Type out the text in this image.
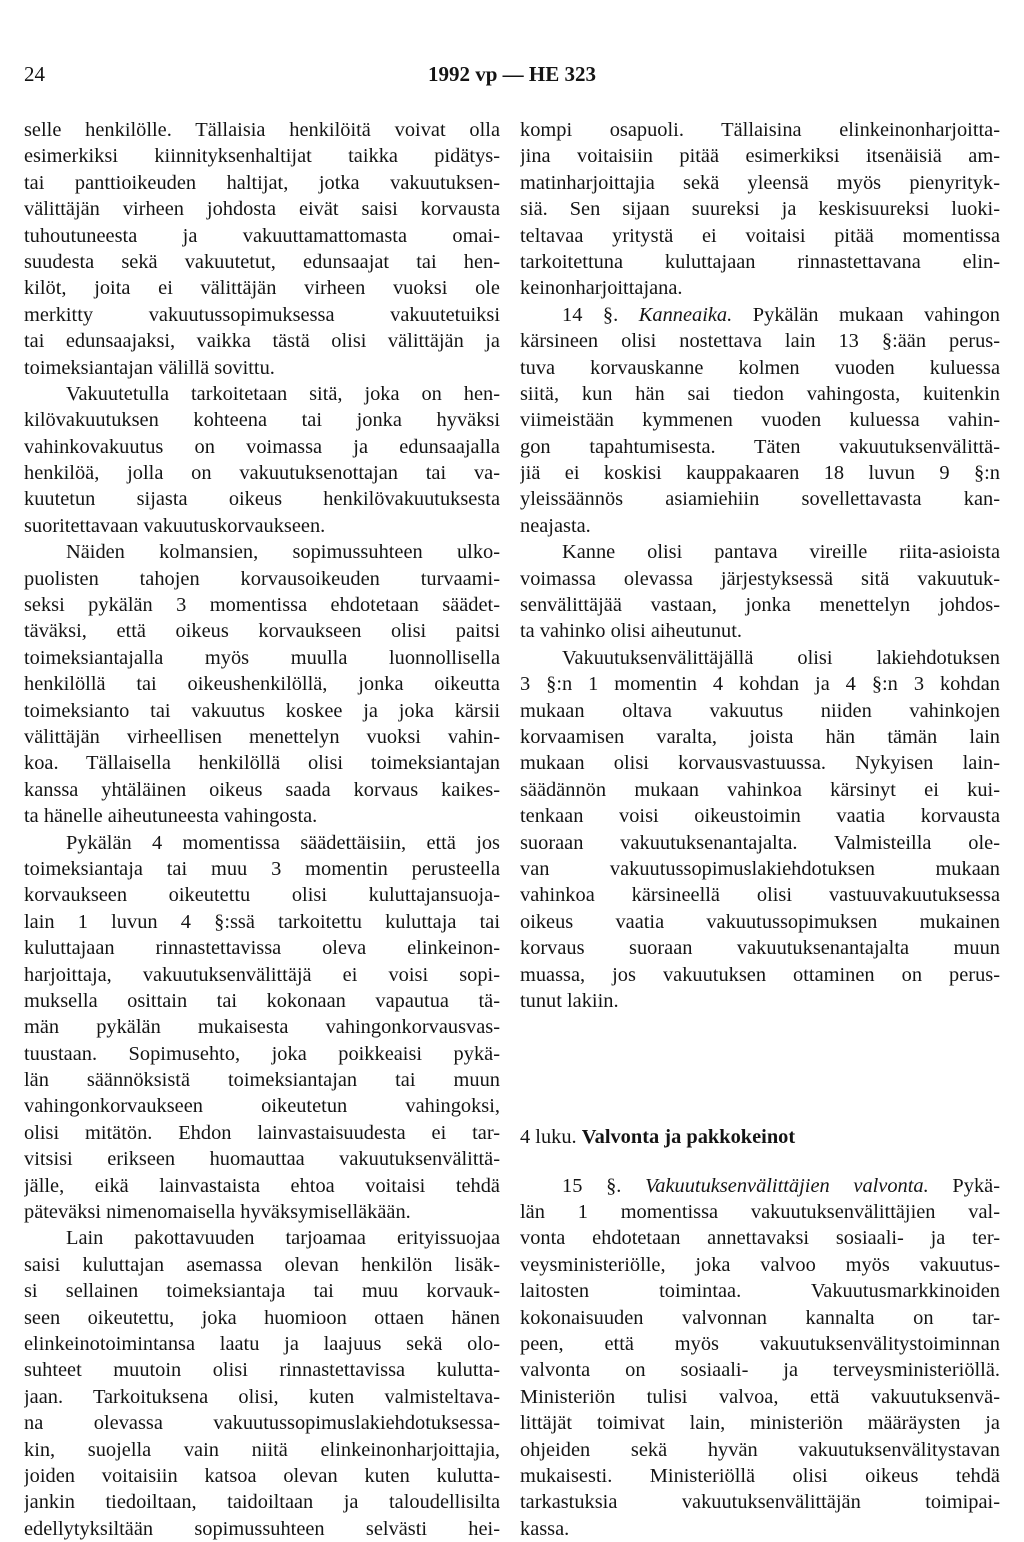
24	1992 vp — HE 323
selle henkilölle. Tällaisia henkilöitä voivat olla
esimerkiksi kiinnityksenhaltijat taikka pidätys-
tai panttioikeuden haltijat, jotka vakuutuksen-
välittäjän virheen johdosta eivät saisi korvausta
tuhoutuneesta ja vakuuttamattomasta omai-
suudesta sekä vakuutetut, edunsaajat tai hen-
kilöt, joita ei välittäjän virheen vuoksi ole
merkitty vakuutussopimuksessa vakuutetuiksi
tai edunsaajaksi, vaikka tästä olisi välittäjän ja
toimeksiantajan välillä sovittu.
Vakuutetulla tarkoitetaan sitä, joka on hen-
kilövakuutuksen kohteena tai jonka hyväksi
vahinkovakuutus on voimassa ja edunsaajalla
henkilöä, jolla on vakuutuksenottajan tai va-
kuutetun sijasta oikeus henkilövakuutuksesta
suoritettavaan vakuutuskorvaukseen.
Näiden kolmansien, sopimussuhteen ulko-
puolisten tahojen korvausoikeuden turvaami-
seksi pykälän 3 momentissa ehdotetaan säädet-
täväksi, että oikeus korvaukseen olisi paitsi
toimeksiantajalla myös muulla luonnollisella
henkilöllä tai oikeushenkilöllä, jonka oikeutta
toimeksianto tai vakuutus koskee ja joka kärsii
välittäjän virheellisen menettelyn vuoksi vahin-
koa. Tällaisella henkilöllä olisi toimeksiantajan
kanssa yhtäläinen oikeus saada korvaus kaikes-
ta hänelle aiheutuneesta vahingosta.
Pykälän 4 momentissa säädettäisiin, että jos
toimeksiantaja tai muu 3 momentin perusteella
korvaukseen oikeutettu olisi kuluttajansuoja-
lain 1 luvun 4 §:ssä tarkoitettu kuluttaja tai
kuluttajaan rinnastettavissa oleva elinkeinon-
harjoittaja, vakuutuksenvälittäjä ei voisi sopi-
muksella osittain tai kokonaan vapautua tä-
män pykälän mukaisesta vahingonkorvausvas-
tuustaan. Sopimusehto, joka poikkeaisi pykä-
län säännöksistä toimeksiantajan tai muun
vahingonkorvaukseen oikeutetun vahingoksi,
olisi mitätön. Ehdon lainvastaisuudesta ei tar-
vitsisi erikseen huomauttaa vakuutuksenvälittä-
jälle, eikä lainvastaista ehtoa voitaisi tehdä
päteväksi nimenomaisella hyväksymiselläkään.
Lain pakottavuuden tarjoamaa erityissuojaa
saisi kuluttajan asemassa olevan henkilön lisäk-
si sellainen toimeksiantaja tai muu korvauk-
seen oikeutettu, joka huomioon ottaen hänen
elinkeinotoimintansa laatu ja laajuus sekä olo-
suhteet muutoin olisi rinnastettavissa kulutta-
jaan. Tarkoituksena olisi, kuten valmisteltava-
na olevassa vakuutussopimuslakiehdotuksessa-
kin, suojella vain niitä elinkeinonharjoittajia,
joiden voitaisiin katsoa olevan kuten kulutta-
jankin tiedoiltaan, taidoiltaan ja taloudellisilta
edellytyksiltään sopimussuhteen selvästi hei-
kompi osapuoli. Tällaisina elinkeinonharjoitta-
jina voitaisiin pitää esimerkiksi itsenäisiä am-
matinharjoittajia sekä yleensä myös pienyrityk-
siä. Sen sijaan suureksi ja keskisuureksi luoki-
teltavaa yritystä ei voitaisi pitää momentissa
tarkoitettuna kuluttajaan rinnastettavana elin-
keinonharjoittajana.
14 §. Kanneaika. Pykälän mukaan vahingon
kärsineen olisi nostettava lain 13 §:ään perus-
tuva korvauskanne kolmen vuoden kuluessa
siitä, kun hän sai tiedon vahingosta, kuitenkin
viimeistään kymmenen vuoden kuluessa vahin-
gon tapahtumisesta. Täten vakuutuksenvälittä-
jiä ei koskisi kauppakaaren 18 luvun 9 §:n
yleissäännös asiamiehiin sovellettavasta kan-
neajasta.
Kanne olisi pantava vireille riita-asioista
voimassa olevassa järjestyksessä sitä vakuutuk-
senvälittäjää vastaan, jonka menettelyn johdos-
ta vahinko olisi aiheutunut.
Vakuutuksenvälittäjällä olisi lakiehdotuksen
3 §:n 1 momentin 4 kohdan ja 4 §:n 3 kohdan
mukaan oltava vakuutus niiden vahinkojen
korvaamisen varalta, joista hän tämän lain
mukaan olisi korvausvastuussa. Nykyisen lain-
säädännön mukaan vahinkoa kärsinyt ei kui-
tenkaan voisi oikeustoimin vaatia korvausta
suoraan vakuutuksenantajalta. Valmisteilla ole-
van vakuutussopimuslakiehdotuksen mukaan
vahinkoa kärsineellä olisi vastuuvakuutuksessa
oikeus vaatia vakuutussopimuksen mukainen
korvaus suoraan vakuutuksenantajalta muun
muassa, jos vakuutuksen ottaminen on perus-
tunut lakiin.
4 luku. Valvonta ja pakkokeinot
15 §. Vakuutuksenvälittäjien valvonta. Pykä-
län 1 momentissa vakuutuksenvälittäjien val-
vonta ehdotetaan annettavaksi sosiaali- ja ter-
veysministeriölle, joka valvoo myös vakuutus-
laitosten toimintaa. Vakuutusmarkkinoiden
kokonaisuuden valvonnan kannalta on tar-
peen, että myös vakuutuksenvälitystoiminnan
valvonta on sosiaali- ja terveysministeriöllä.
Ministeriön tulisi valvoa, että vakuutuksenvä-
littäjät toimivat lain, ministeriön määräysten ja
ohjeiden sekä hyvän vakuutuksenvälitystavan
mukaisesti. Ministeriöllä olisi oikeus tehdä
tarkastuksia vakuutuksenvälittäjän toimipai-
kassa.
